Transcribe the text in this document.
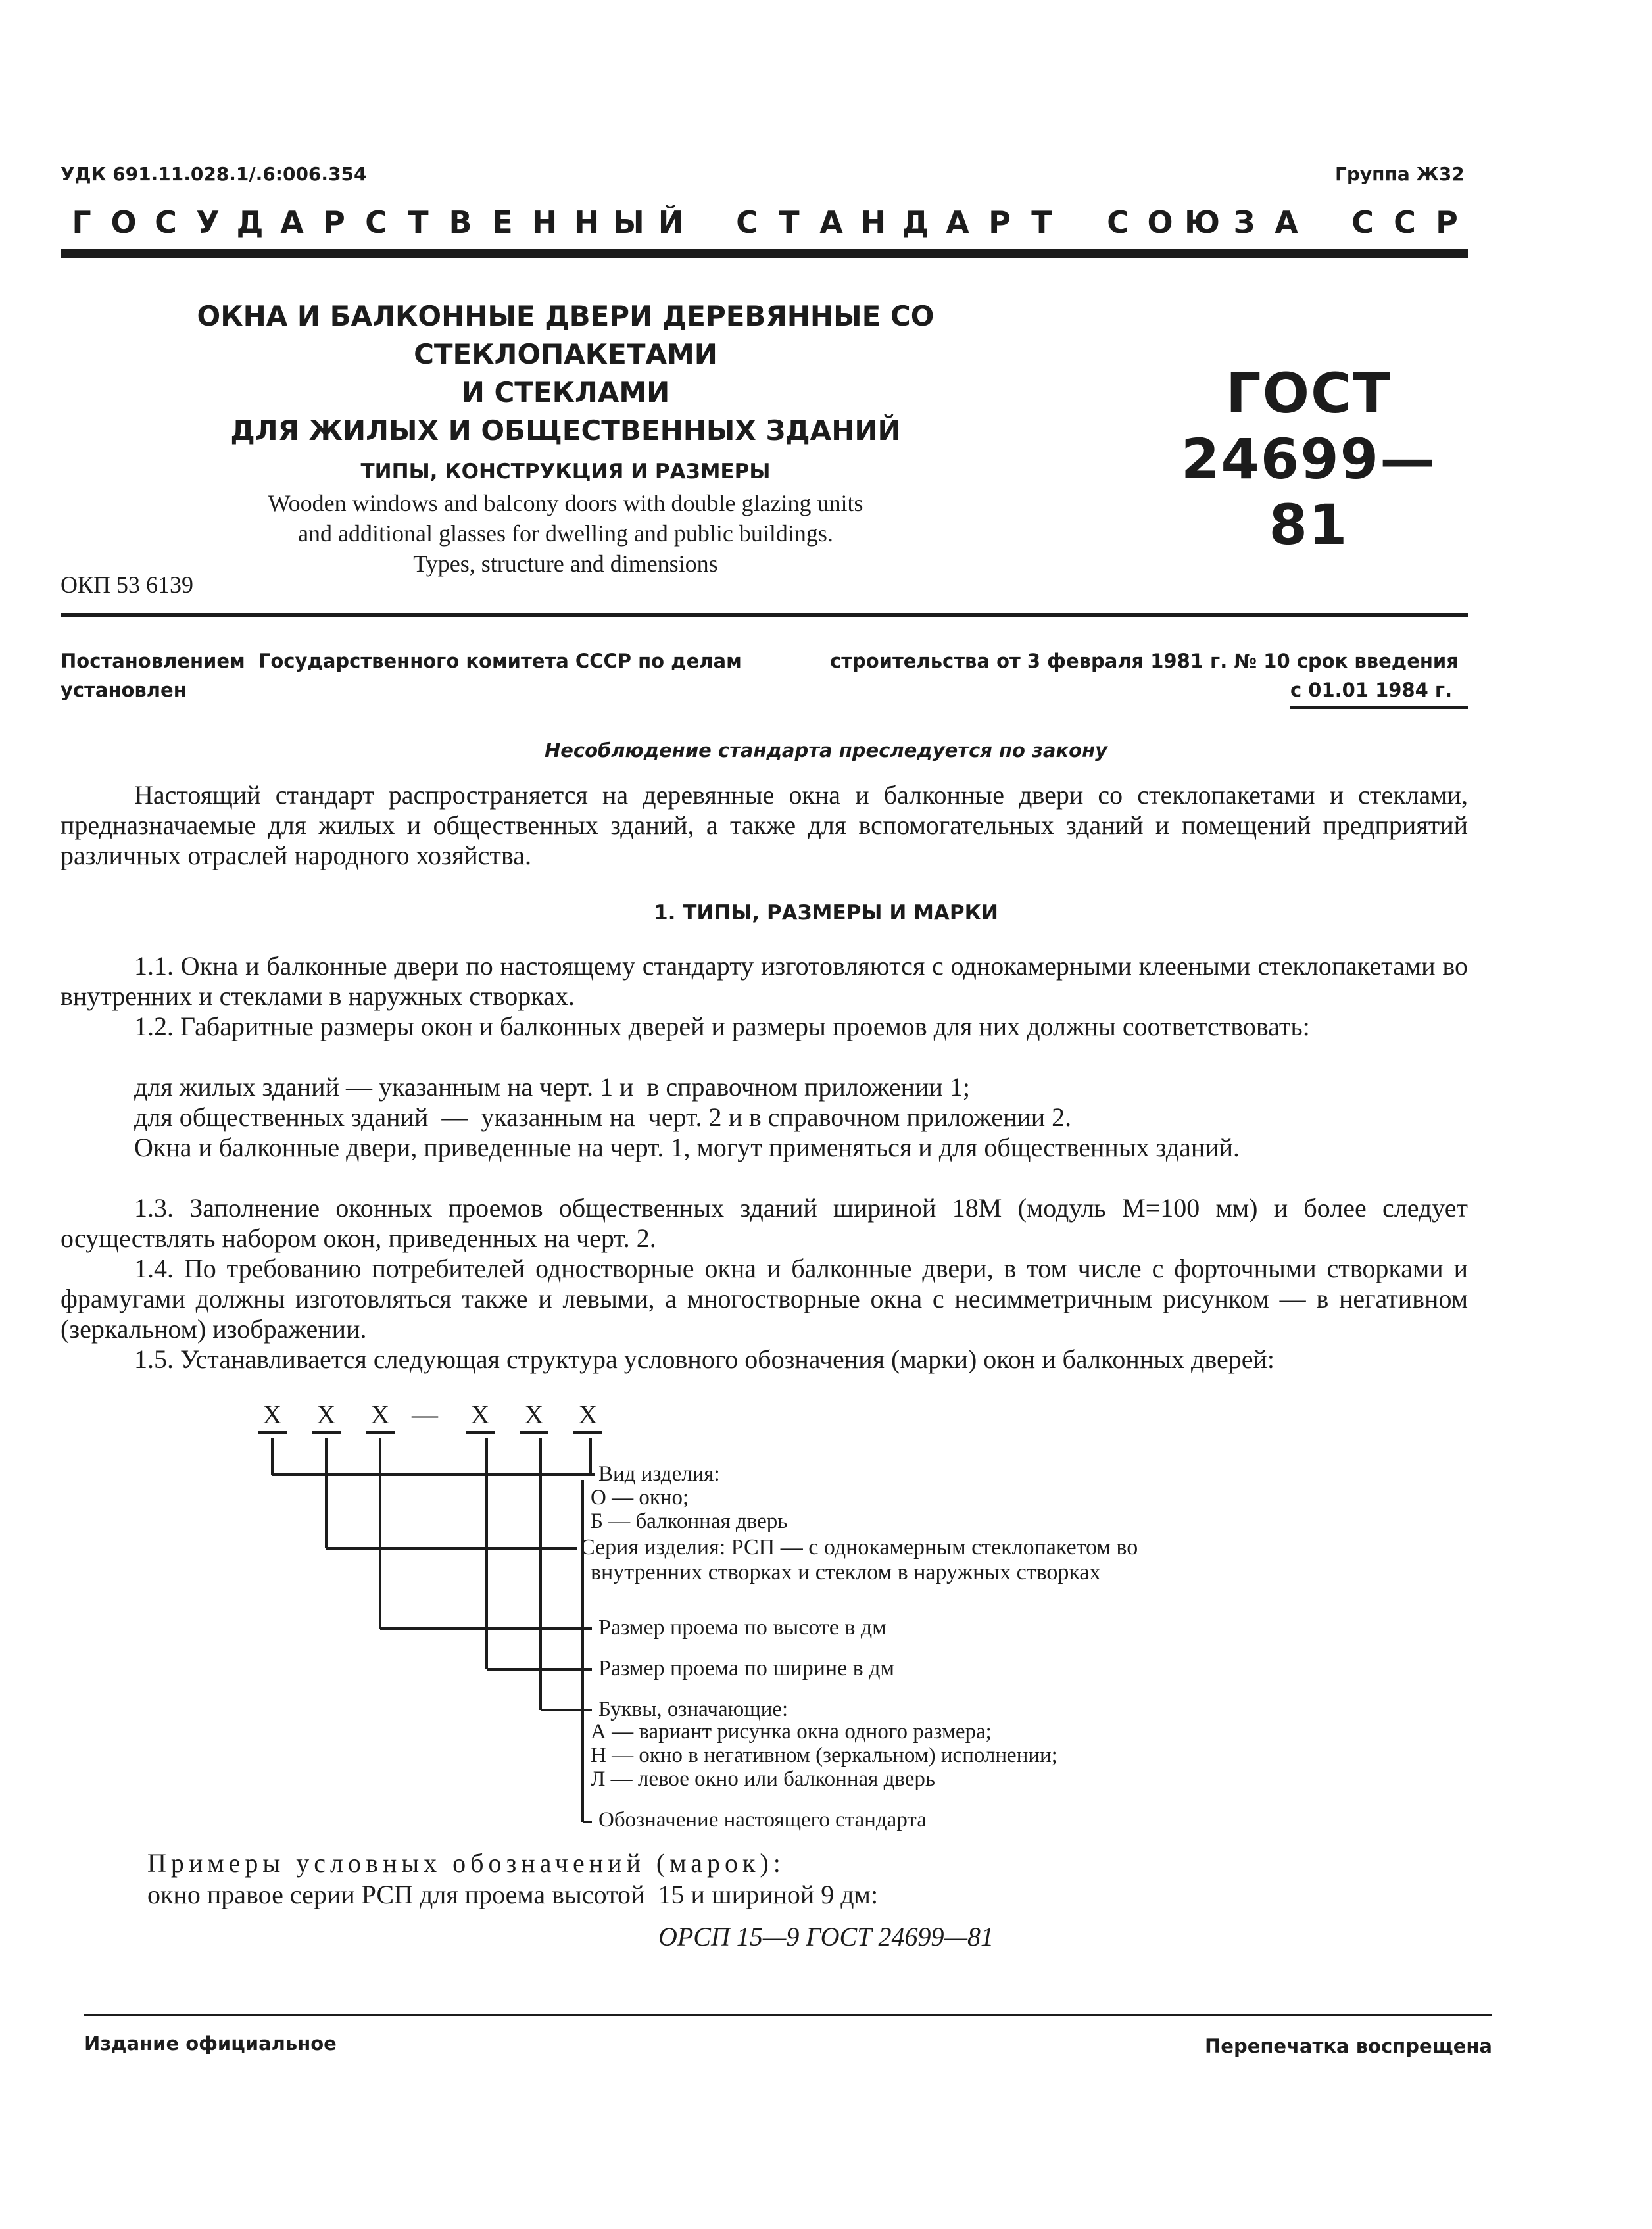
УДК 691.11.028.1/.6:006.354	Группа Ж32
Г О С У Д А Р С Т В Е Н Н Ы Й	С Т А Н Д А Р Т	С О Ю З А	С С Р
ОКНА И БАЛКОННЫЕ ДВЕРИ ДЕРЕВЯННЫЕ СО СТЕКЛОПАКЕТАМИ
И СТЕКЛАМИ
ДЛЯ ЖИЛЫХ И ОБЩЕСТВЕННЫХ ЗДАНИЙ
ТИПЫ, КОНСТРУКЦИЯ И РАЗМЕРЫ
Wooden windows and balcony doors with double glazing units
and additional glasses for dwelling and public buildings.
Types, structure and dimensions
ГОСТ
24699—81
ОКП 53 6139
Постановлением  Государственного комитета СССР по делам	строительства от 3 февраля 1981 г. № 10 срок введения
установлен	с 01.01 1984 г.
Несоблюдение стандарта преследуется по закону
Настоящий стандарт распространяется на деревянные окна и балконные двери со стеклопакетами и стеклами, предназначаемые для жилых и общественных зданий, а также для вспомогательных зданий и помещений предприятий различных отраслей народного хозяйства.
1. ТИПЫ, РАЗМЕРЫ И МАРКИ
1.1. Окна и балконные двери по настоящему стандарту изготовляются с однокамерными клееными стеклопакетами во внутренних и стеклами в наружных створках.
1.2. Габаритные размеры окон и балконных дверей и размеры проемов для них должны соответствовать:
для жилых зданий — указанным на черт. 1 и  в справочном приложении 1;
для общественных зданий  —  указанным на  черт. 2 и в справочном приложении 2.
Окна и балконные двери, приведенные на черт. 1, могут применяться и для общественных зданий.
1.3. Заполнение оконных проемов общественных зданий шириной 18М (модуль М=100 мм) и более следует осуществлять набором окон, приведенных на черт. 2.
1.4. По требованию потребителей одностворные окна и балконные двери, в том числе с форточными створками и фрамугами должны изготовляться также и левыми, а многостворные окна с несимметричным рисунком — в негативном (зеркальном) изображении.
1.5. Устанавливается следующая структура условного обозначения (марки) окон и балконных дверей:
X X X — X X X
Вид изделия:
О — окно;
Б — балконная дверь
Серия изделия: РСП — с однокамерным стеклопакетом во
внутренних створках и стеклом в наружных створках
Размер проема по высоте в дм
Размер проема по ширине в дм
Буквы, означающие:
А — вариант рисунка окна одного размера;
Н — окно в негативном (зеркальном) исполнении;
Л — левое окно или балконная дверь
Обозначение настоящего стандарта
Примеры условных обозначений (марок):
окно правое серии РСП для проема высотой  15 и шириной 9 дм:
ОРСП 15—9 ГОСТ 24699—81
Издание официальное	Перепечатка воспрещена
